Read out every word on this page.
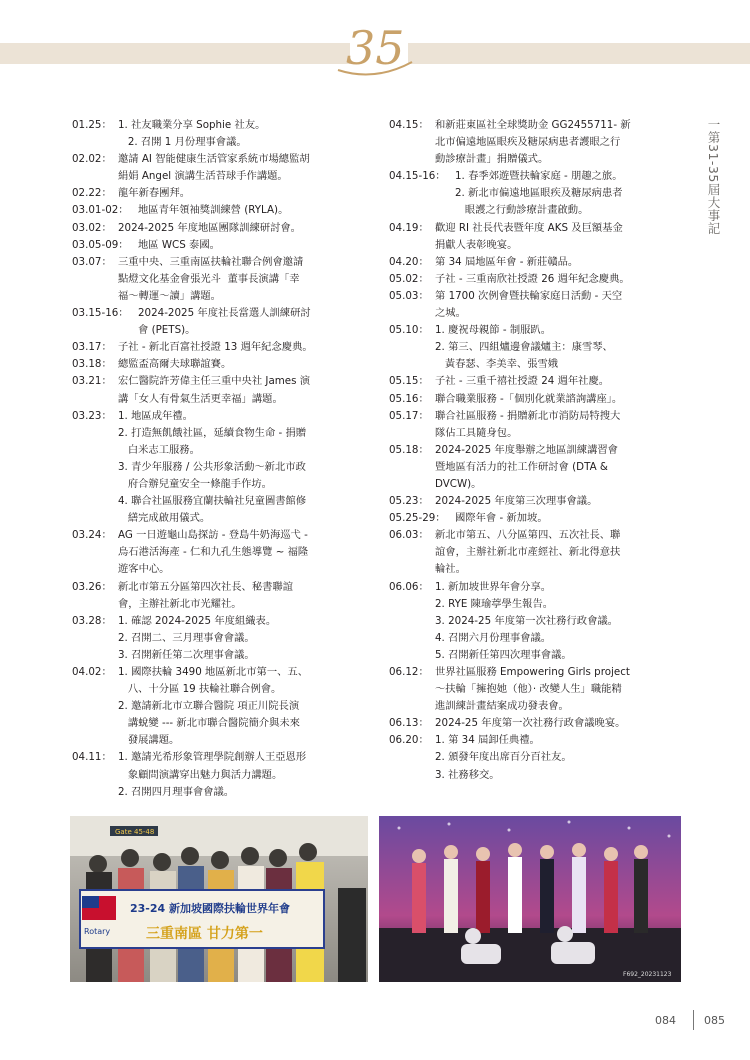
35
一第31-35屆大事記
01.25： 1. 社友職業分享 Sophie 社友。
2. 召開 1 月份理事會議。
02.02： 邀請 AI 智能健康生活管家系統市場總監胡
絹娟 Angel 演講生活苔球手作講題。
02.22： 龍年新春團拜。
03.01-02： 地區青年領袖獎訓練營 (RYLA)。
03.02： 2024-2025 年度地區團隊訓練研討會。
03.05-09： 地區 WCS 泰國。
03.07： 三重中央、三重南區扶輪社聯合例會邀請
點燈文化基金會張光斗  董事長演講「幸
福～轉運～讀」講題。
03.15-16： 2024-2025 年度社長當選人訓練研討
會 (PETS)。
03.17： 子社 - 新北百富社授證 13 週年紀念慶典。
03.18： 總監盃高爾夫球聯誼賽。
03.21： 宏仁醫院許芳偉主任三重中央社 James 演
講「女人有骨氣生活更幸福」講題。
03.23： 1. 地區成年禮。
2. 打造無飢餓社區，延續食物生命 - 捐贈
白米志工服務。
3. 青少年服務 / 公共形象活動～新北市政
府合辦兒童安全一條龍手作坊。
4. 聯合社區服務宜蘭扶輪社兒童圖書館修
繕完成啟用儀式。
03.24： AG 一日遊龜山島探訪 - 登島牛奶海巡弋 -
烏石港活海產 - 仁和九孔生態導覽 ~ 福隆
遊客中心。
03.26： 新北市第五分區第四次社長、秘書聯誼
會，主辦社新北市光耀社。
03.28： 1. 確認 2024-2025 年度組織表。
2. 召開二、三月理事會會議。
3. 召開新任第二次理事會議。
04.02： 1. 國際扶輪 3490 地區新北市第一、五、
八、十分區 19 扶輪社聯合例會。
2. 邀請新北市立聯合醫院 項正川院長演
講蛻變 --- 新北市聯合醫院簡介與未來
發展講題。
04.11： 1. 邀請光希形象管理學院創辦人王亞恩形
象顧問演講穿出魅力與活力講題。
2. 召開四月理事會會議。
04.15： 和新莊東區社全球獎助金 GG2455711- 新
北市偏遠地區眼疾及糖尿病患者護眼之行
動診療計畫」捐贈儀式。
04.15-16： 1. 春季郊遊暨扶輪家庭 - 朋趣之旅。
2. 新北市偏遠地區眼疾及糖尿病患者
眼護之行動診療計畫啟動。
04.19： 歡迎 RI 社長代表暨年度 AKS 及巨額基金
捐獻人表彰晚宴。
04.20： 第 34 屆地區年會 - 新莊贛品。
05.02： 子社 - 三重南欣社授證 26 週年紀念慶典。
05.03： 第 1700 次例會暨扶輪家庭日活動 - 天空
之城。
05.10： 1. 慶祝母親節 - 制服趴。
2. 第三、四組爐邊會議爐主：康雪琴、
黃春瑟、李美幸、張雪娥
05.15： 子社 - 三重千禧社授證 24 週年社慶。
05.16： 聯合職業服務 -「個別化就業諮詢講座」。
05.17： 聯合社區服務 - 捐贈新北市消防局特搜大
隊佔工具隨身包。
05.18： 2024-2025 年度舉辦之地區訓練講習會
暨地區有活力的社工作研討會 (DTA &
DVCW)。
05.23： 2024-2025 年度第三次理事會議。
05.25-29： 國際年會 - 新加坡。
06.03： 新北市第五、八分區第四、五次社長、聯
誼會，主辦社新北市產經社、新北得意扶
輪社。
06.06： 1. 新加坡世界年會分享。
2. RYE 陳瑜葶學生報告。
3. 2024-25 年度第一次社務行政會議。
4. 召開六月份理事會議。
5. 召開新任第四次理事會議。
06.12： 世界社區服務 Empowering Girls project
～扶輪「擁抱她（他）‧ 改變人生」職能精
進訓練計畫結案成功發表會。
06.13： 2024-25 年度第一次社務行政會議晚宴。
06.20： 1. 第 34 屆卸任典禮。
2. 頒發年度出席百分百社友。
3. 社務移交。
Gate 45-48
23-24 新加坡國際扶輪世界年會
三重南區 甘力第一
Rotary
F692_20231123
084	085
